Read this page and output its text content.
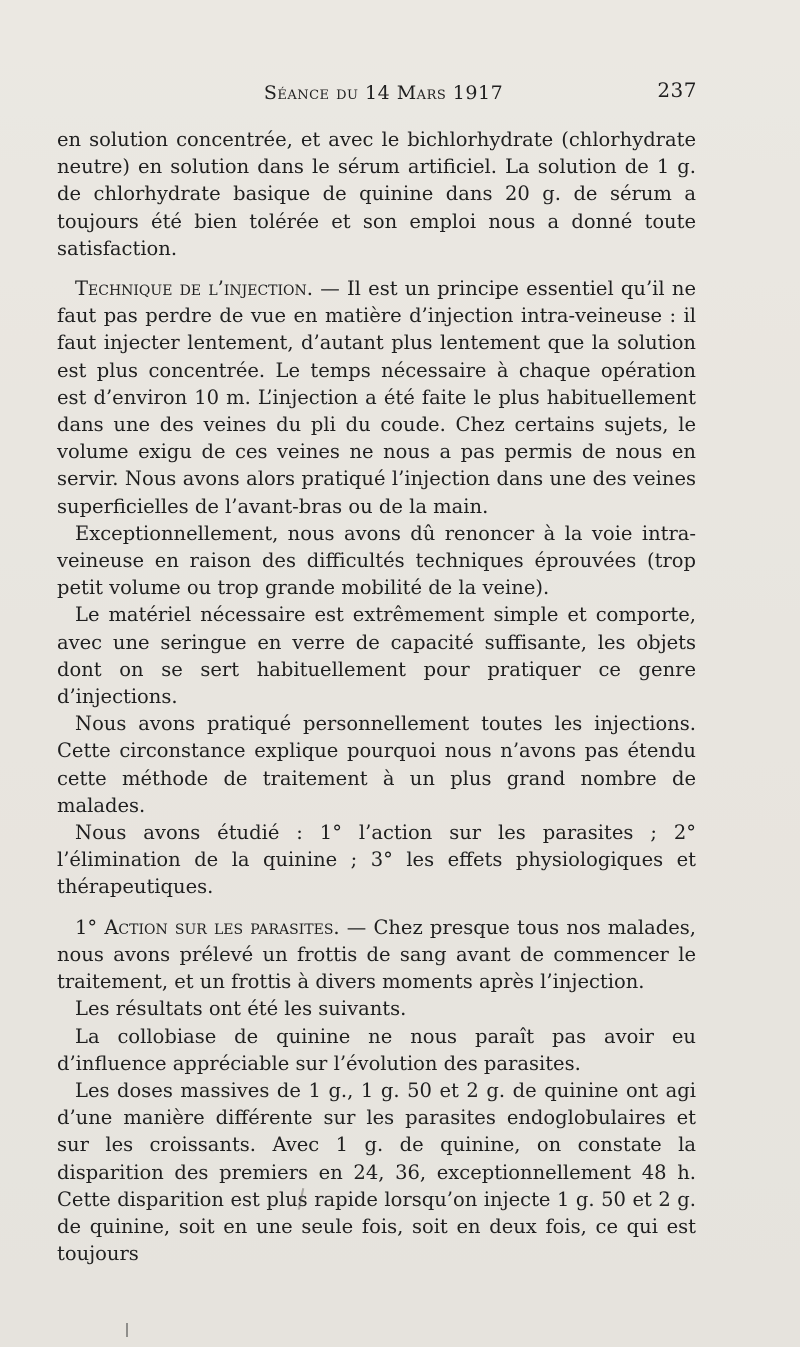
Séance du 14 Mars 1917	237

en solution concentrée, et avec le bichlorhydrate (chlorhydrate neutre) en solution dans le sérum artificiel. La solution de 1 g. de chlorhydrate basique de quinine dans 20 g. de sérum a toujours été bien tolérée et son emploi nous a donné toute satisfaction.

Technique de l’injection. — Il est un principe essentiel qu’il ne faut pas perdre de vue en matière d’injection intra-veineuse : il faut injecter lentement, d’autant plus lentement que la solution est plus concentrée. Le temps nécessaire à chaque opération est d’environ 10 m. L’injection a été faite le plus habituellement dans une des veines du pli du coude. Chez certains sujets, le volume exigu de ces veines ne nous a pas permis de nous en servir. Nous avons alors pratiqué l’injection dans une des veines superficielles de l’avant-bras ou de la main.

Exceptionnellement, nous avons dû renoncer à la voie intra-veineuse en raison des difficultés techniques éprouvées (trop petit volume ou trop grande mobilité de la veine).

Le matériel nécessaire est extrêmement simple et comporte, avec une seringue en verre de capacité suffisante, les objets dont on se sert habituellement pour pratiquer ce genre d’injections.

Nous avons pratiqué personnellement toutes les injections. Cette circonstance explique pourquoi nous n’avons pas étendu cette méthode de traitement à un plus grand nombre de malades.

Nous avons étudié : 1° l’action sur les parasites ; 2° l’élimination de la quinine ; 3° les effets physiologiques et thérapeutiques.

1° Action sur les parasites. — Chez presque tous nos malades, nous avons prélevé un frottis de sang avant de commencer le traitement, et un frottis à divers moments après l’injection.

Les résultats ont été les suivants.

La collobiase de quinine ne nous paraît pas avoir eu d’influence appréciable sur l’évolution des parasites.

Les doses massives de 1 g., 1 g. 50 et 2 g. de quinine ont agi d’une manière différente sur les parasites endoglobulaires et sur les croissants. Avec 1 g. de quinine, on constate la disparition des premiers en 24, 36, exceptionnellement 48 h. Cette disparition est plus rapide lorsqu’on injecte 1 g. 50 et 2 g. de quinine, soit en une seule fois, soit en deux fois, ce qui est toujours
